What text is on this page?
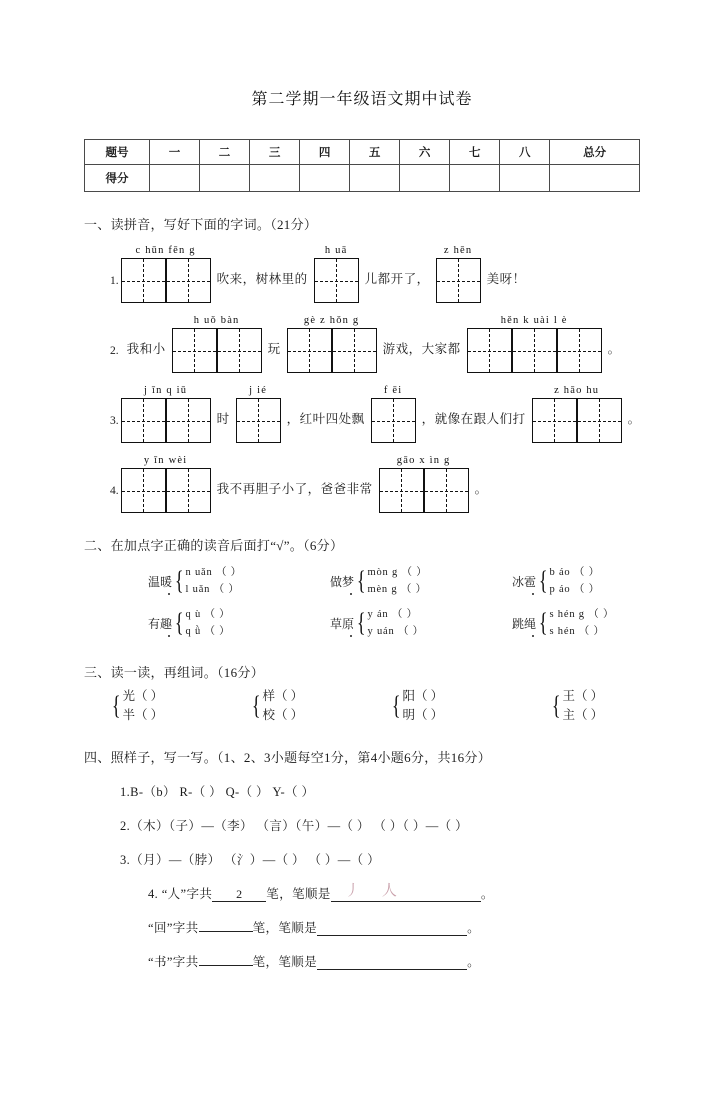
第二学期一年级语文期中试卷
题号	一	二	三	四	五	六	七	八	总分
得分									
一、读拼音，写好下面的字词。（21分）
1.
c hūn fēn g
吹来，树林里的
h uā
儿都开了，
z hēn
美呀！
2. 我和小
h uǒ bàn
玩
gè z hǒn g
游戏，大家都
hěn k uài l è
。
3.
j īn q iū
时
j ié
，红叶四处飘
f ēi
，就像在跟人们打
z hāo hu
。
4.
y īn wèi
我不再胆子小了，爸爸非常
gāo x ìn g
。
二、在加点字正确的读音后面打“√”。（6分）
温暖 { n uǎn （ ）
l uǎn （ ）
做梦 { mòn g （ ）
mèn g （ ）
冰雹 { b áo （ ）
p áo （ ）
有趣 { q ù （ ）
q ǜ （ ）
草原 { y án （ ）
y uán （ ）
跳绳 { s hén g （ ）
s hén （ ）
三、读一读，再组词。（16分）
{ 光（ ）
半（ ）	{ 样（ ）
校（ ）	{ 阳（ ）
明（ ）	{ 王（ ）
主（ ）
四、照样子，写一写。（1、2、3小题每空1分，第4小题6分，共16分）
1.B-（b） R-（ ） Q-（ ） Y-（ ）
2.（木）（子）—（李） （言）（午）—（ ） （ ）（ ）—（ ）
3.（月）—（脖） （氵）—（ ） （ ）—（ ）
4. “人”字共 2 笔，笔顺是 丿人	。
“回”字共	笔，笔顺是	。
“书”字共	笔，笔顺是	。
